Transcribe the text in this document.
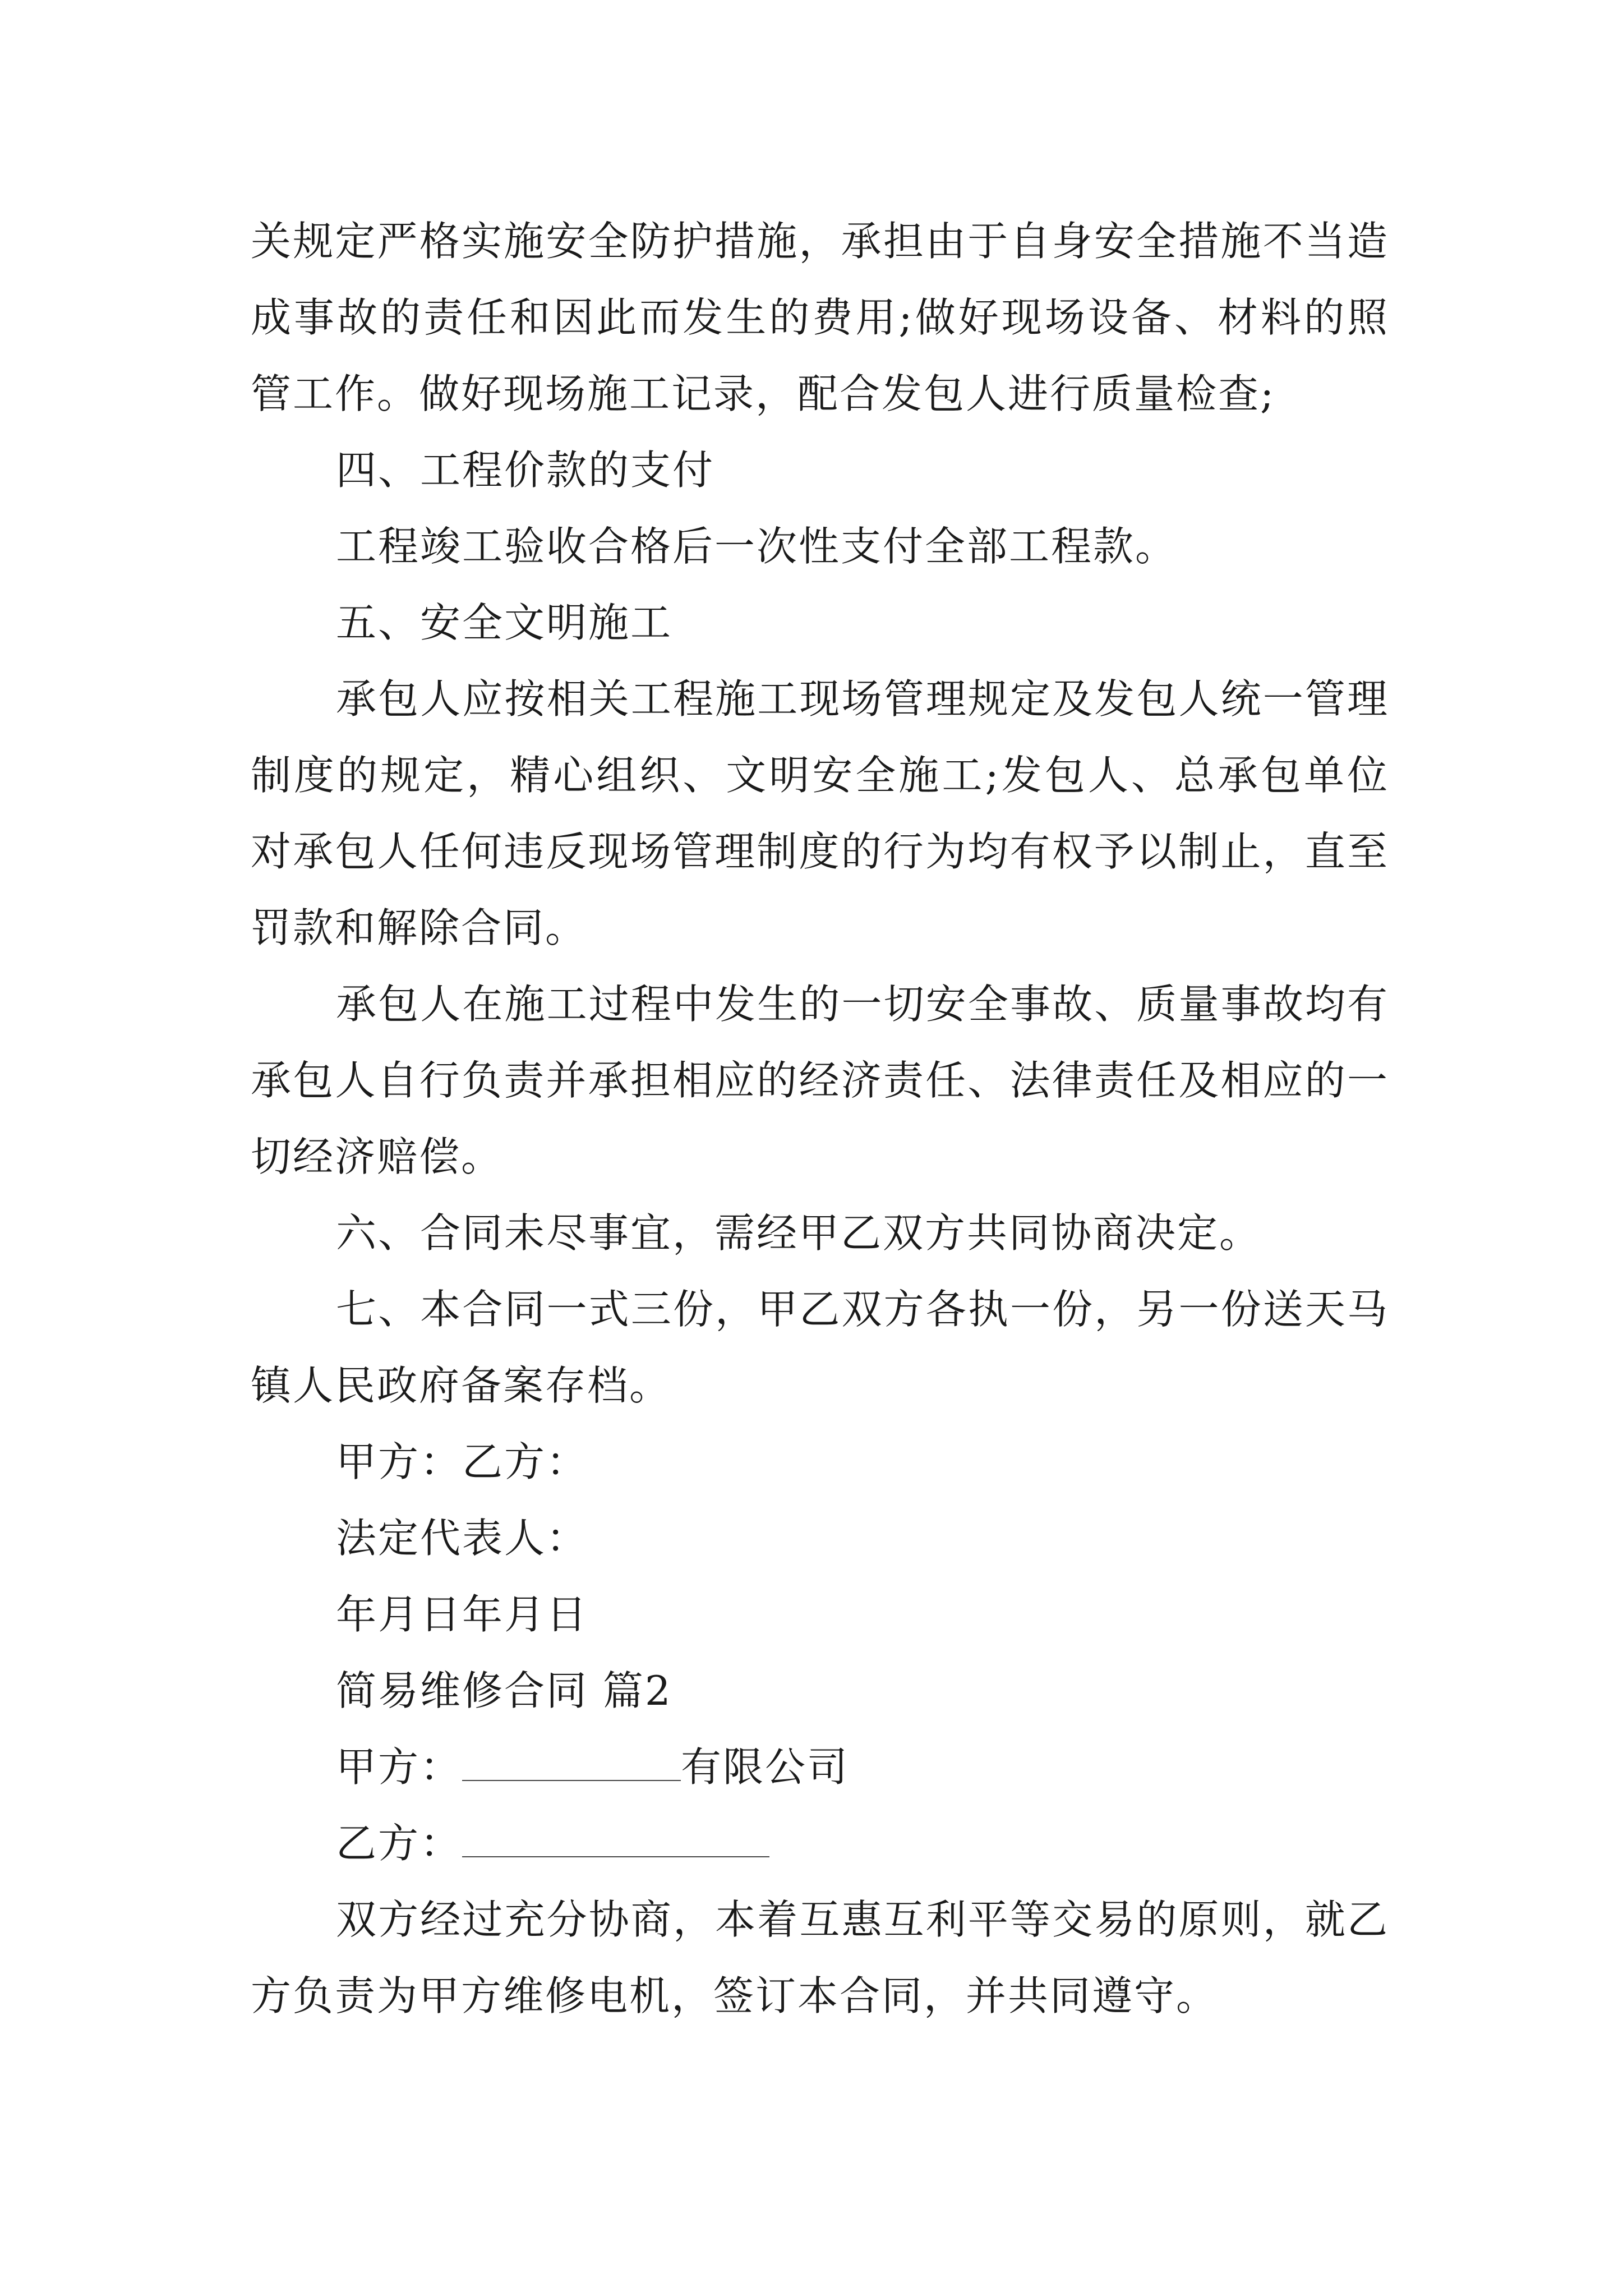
关规定严格实施安全防护措施，承担由于自身安全措施不当造成事故的责任和因此而发生的费用;做好现场设备、材料的照管工作。做好现场施工记录，配合发包人进行质量检查;

四、工程价款的支付

工程竣工验收合格后一次性支付全部工程款。

五、安全文明施工

承包人应按相关工程施工现场管理规定及发包人统一管理制度的规定，精心组织、文明安全施工;发包人、总承包单位对承包人任何违反现场管理制度的行为均有权予以制止，直至罚款和解除合同。

承包人在施工过程中发生的一切安全事故、质量事故均有承包人自行负责并承担相应的经济责任、法律责任及相应的一切经济赔偿。

六、合同未尽事宜，需经甲乙双方共同协商决定。

七、本合同一式三份，甲乙双方各执一份，另一份送天马镇人民政府备案存档。

甲方：乙方：

法定代表人：

年月日年月日

简易维修合同 篇2

甲方：	有限公司

乙方：

双方经过充分协商，本着互惠互利平等交易的原则，就乙方负责为甲方维修电机，签订本合同，并共同遵守。
